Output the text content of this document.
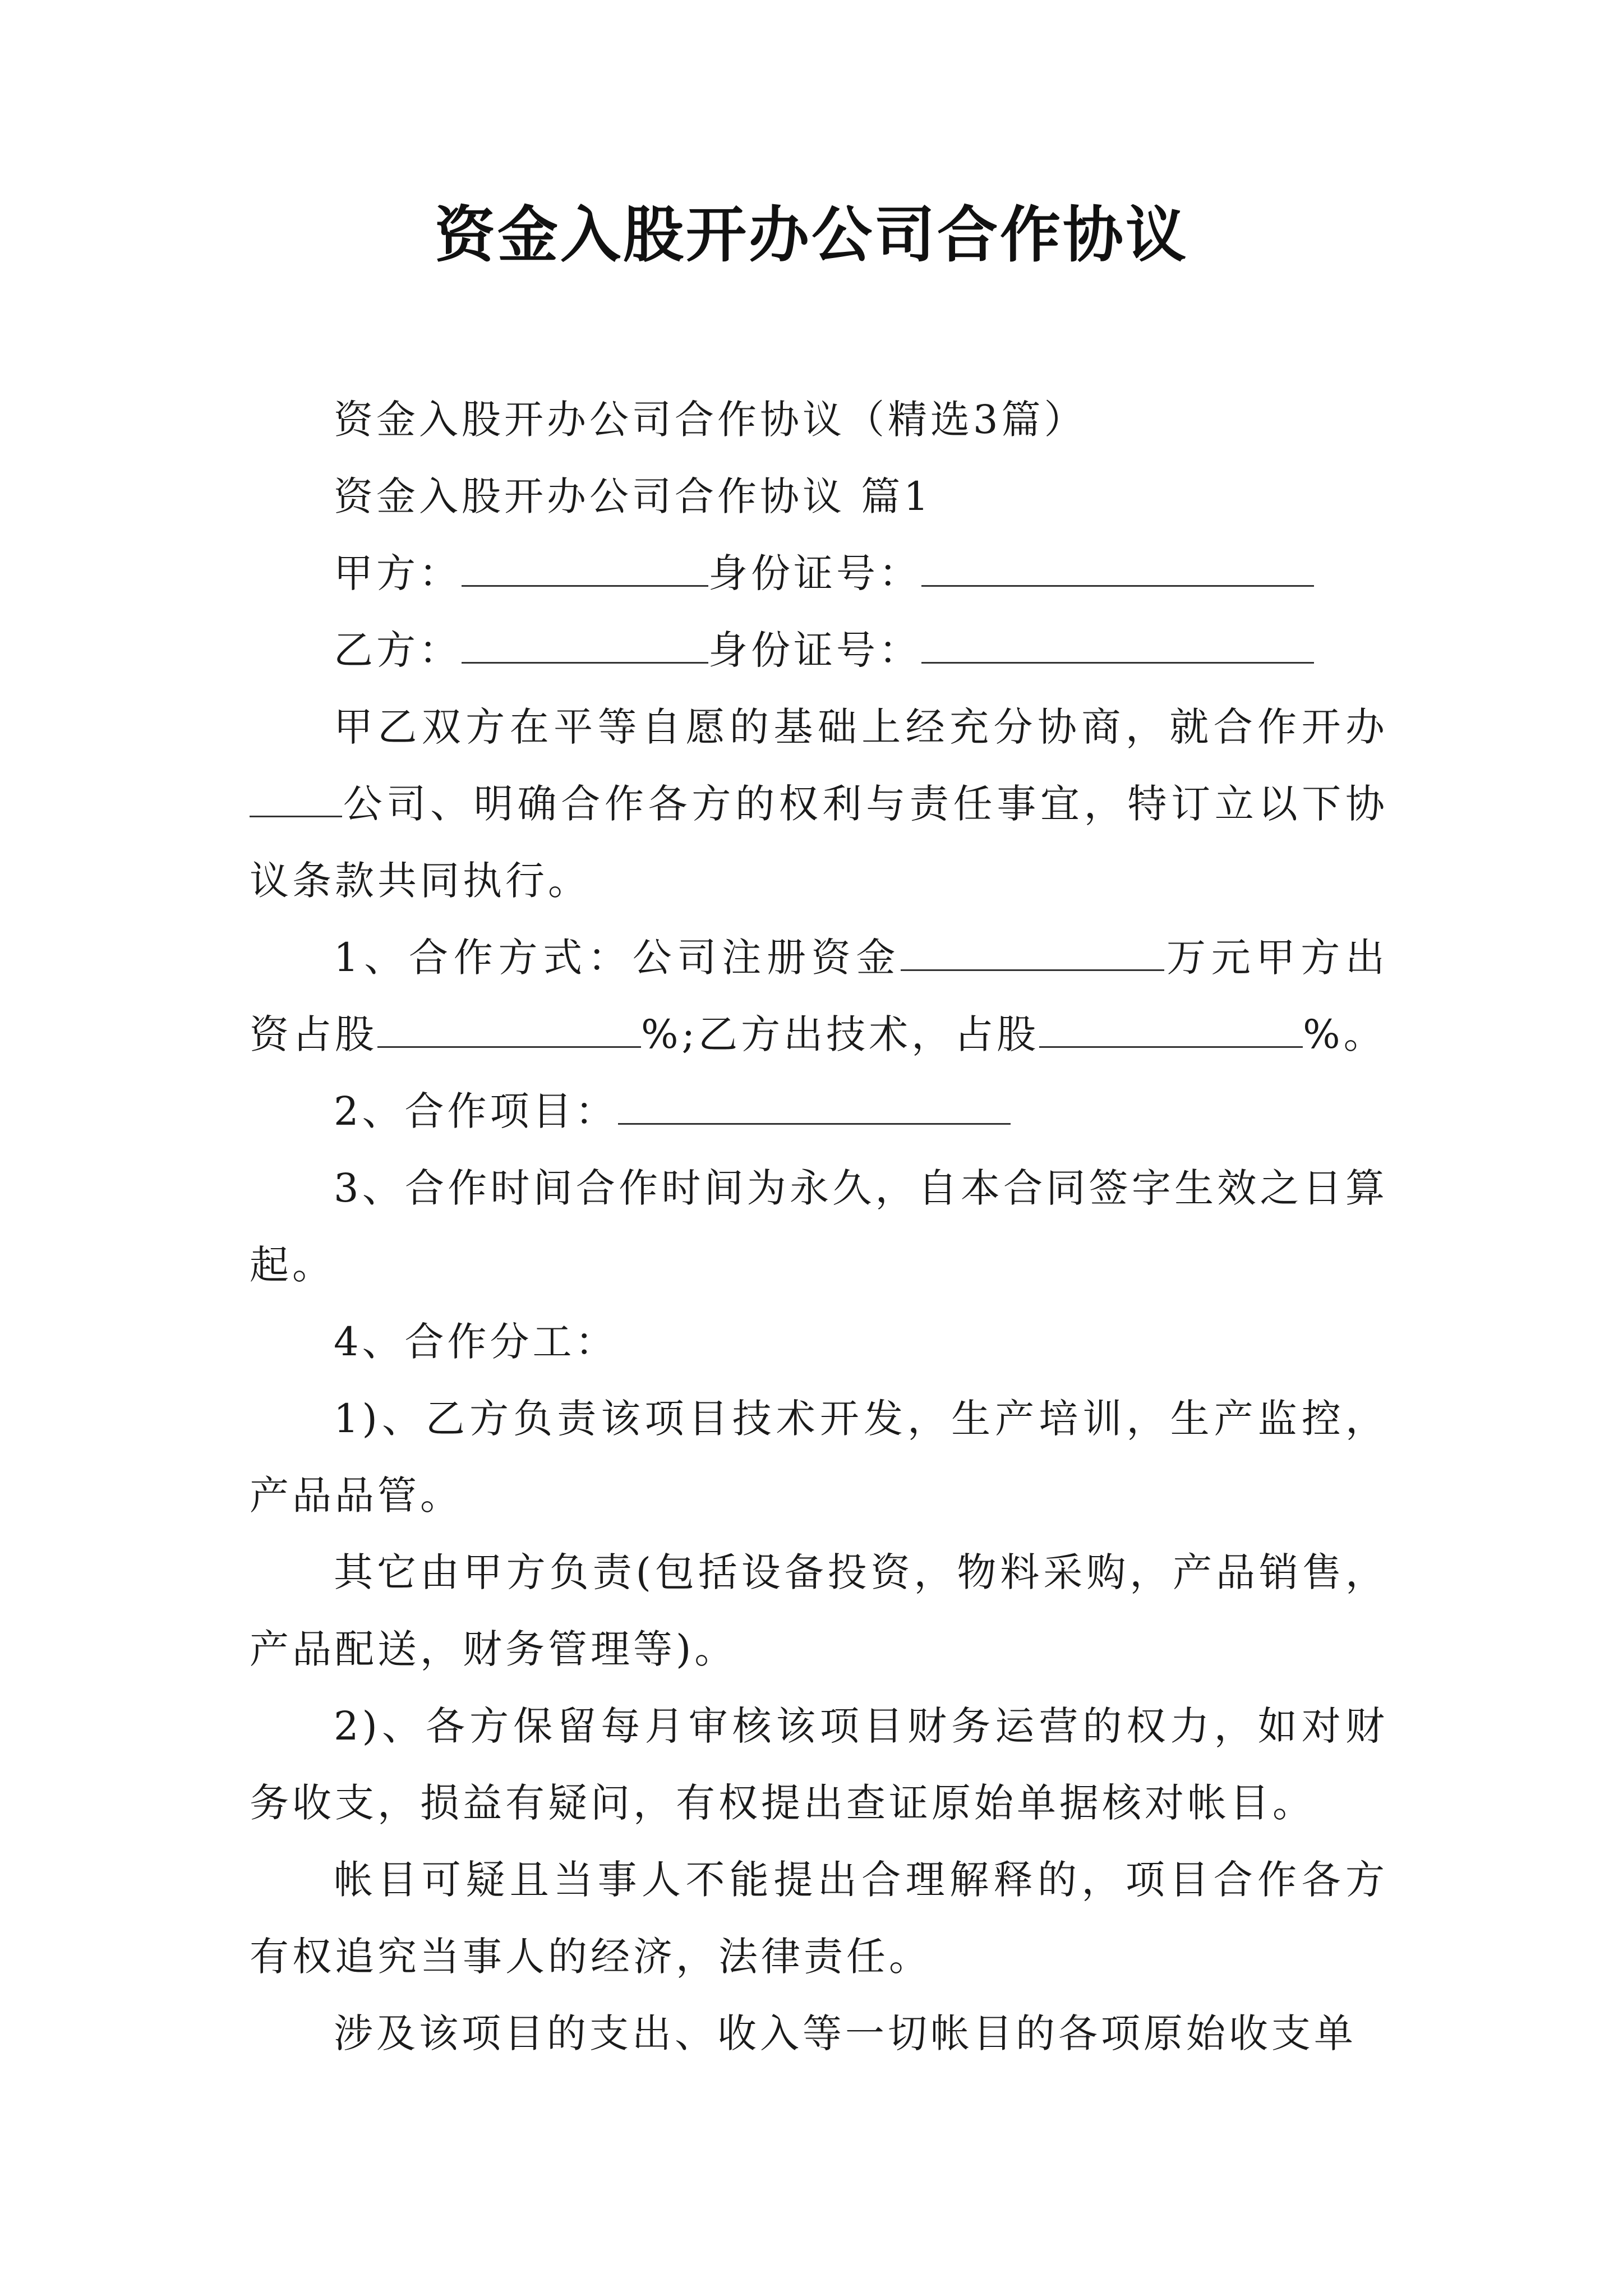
资金入股开办公司合作协议

资金入股开办公司合作协议（精选3篇）

资金入股开办公司合作协议 篇1

甲方：	身份证号：

乙方：	身份证号：

甲乙双方在平等自愿的基础上经充分协商，就合作开办公司、明确合作各方的权利与责任事宜，特订立以下协议条款共同执行。

1、合作方式：公司注册资金	万元甲方出资占股	%;乙方出技术，占股	%。

2、合作项目：

3、合作时间合作时间为永久，自本合同签字生效之日算起。

4、合作分工：

1)、乙方负责该项目技术开发，生产培训，生产监控，产品品管。

其它由甲方负责(包括设备投资，物料采购，产品销售，产品配送，财务管理等)。

2)、各方保留每月审核该项目财务运营的权力，如对财务收支，损益有疑问，有权提出查证原始单据核对帐目。

帐目可疑且当事人不能提出合理解释的，项目合作各方有权追究当事人的经济，法律责任。

涉及该项目的支出、收入等一切帐目的各项原始收支单
